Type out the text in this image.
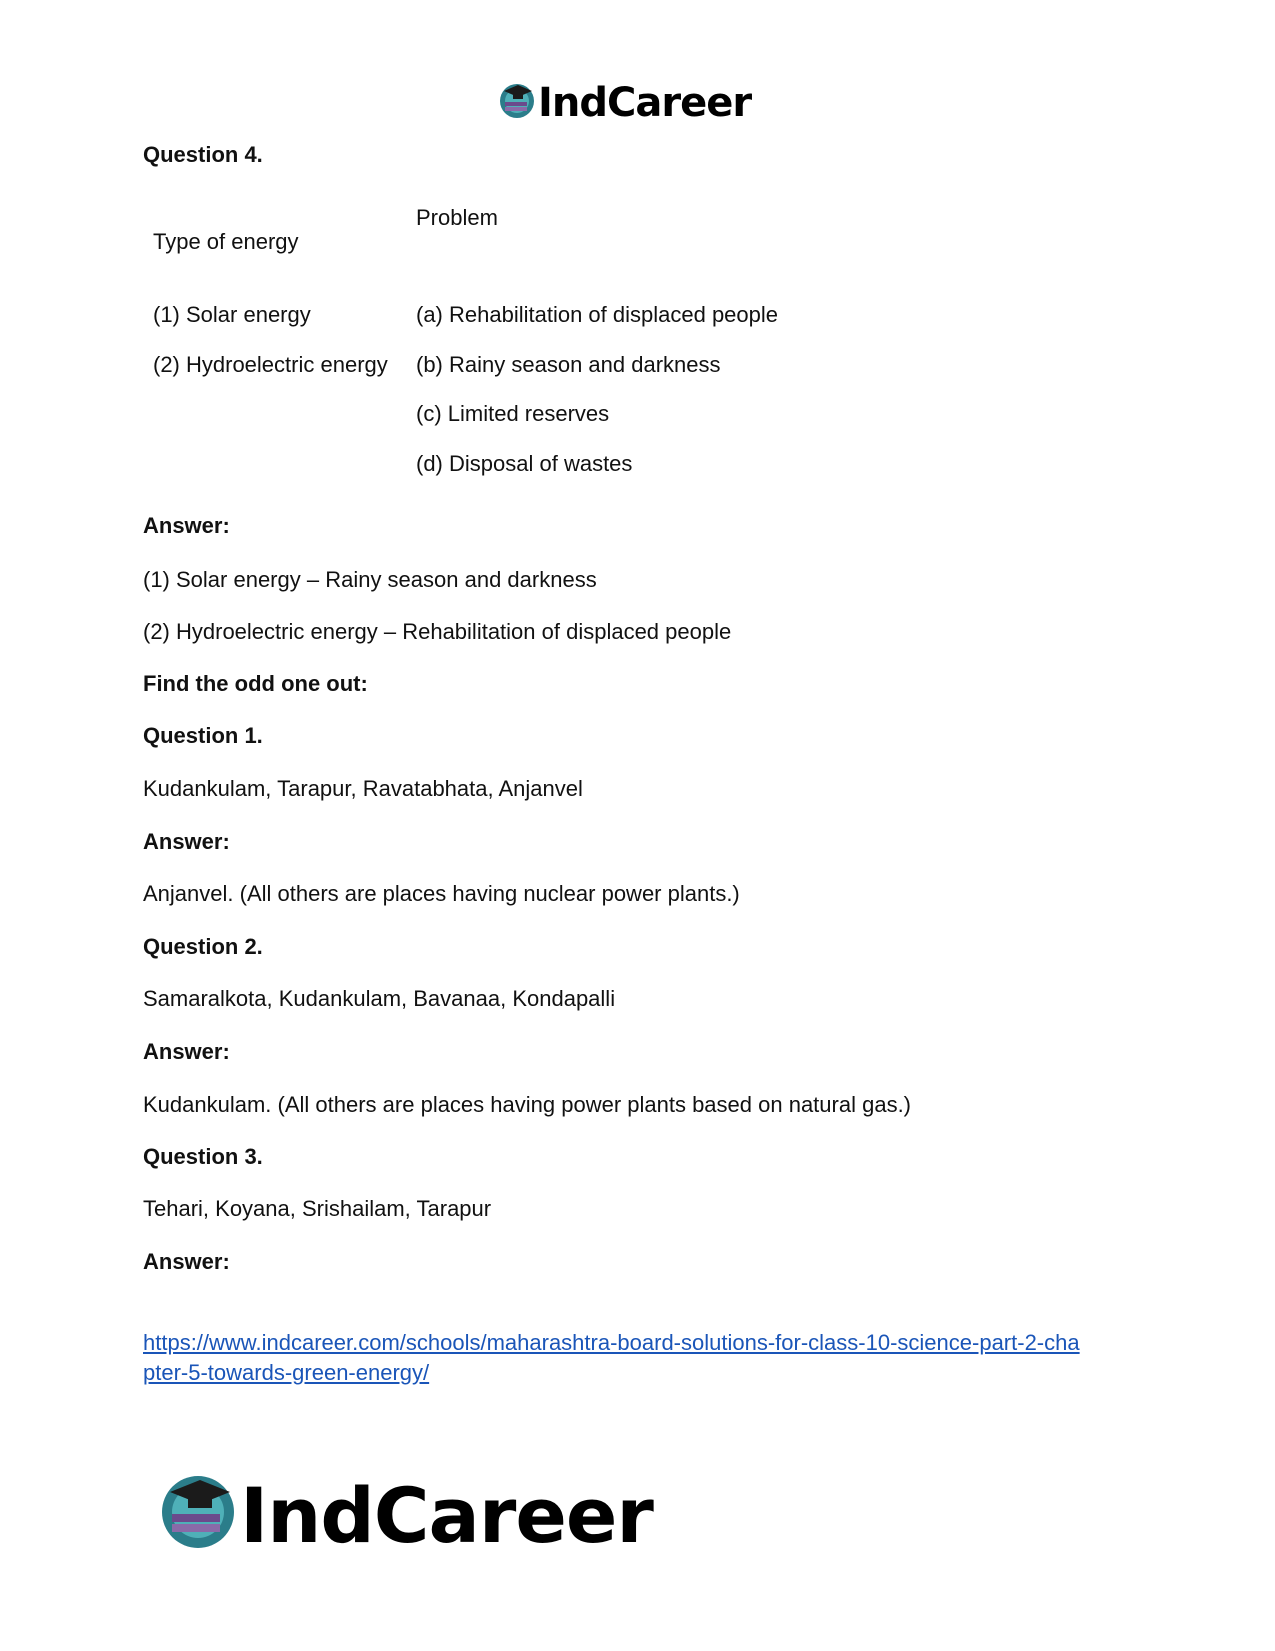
IndCareer
Question 4.
Problem
Type of energy
(1) Solar energy
(2) Hydroelectric energy
(a) Rehabilitation of displaced people
(b) Rainy season and darkness
(c) Limited reserves
(d) Disposal of wastes
Answer:
(1) Solar energy – Rainy season and darkness
(2) Hydroelectric energy – Rehabilitation of displaced people
Find the odd one out:
Question 1.
Kudankulam, Tarapur, Ravatabhata, Anjanvel
Answer:
Anjanvel. (All others are places having nuclear power plants.)
Question 2.
Samaralkota, Kudankulam, Bavanaa, Kondapalli
Answer:
Kudankulam. (All others are places having power plants based on natural gas.)
Question 3.
Tehari, Koyana, Srishailam, Tarapur
Answer:
https://www.indcareer.com/schools/maharashtra-board-solutions-for-class-10-science-part-2-cha
pter-5-towards-green-energy/
IndCareer
